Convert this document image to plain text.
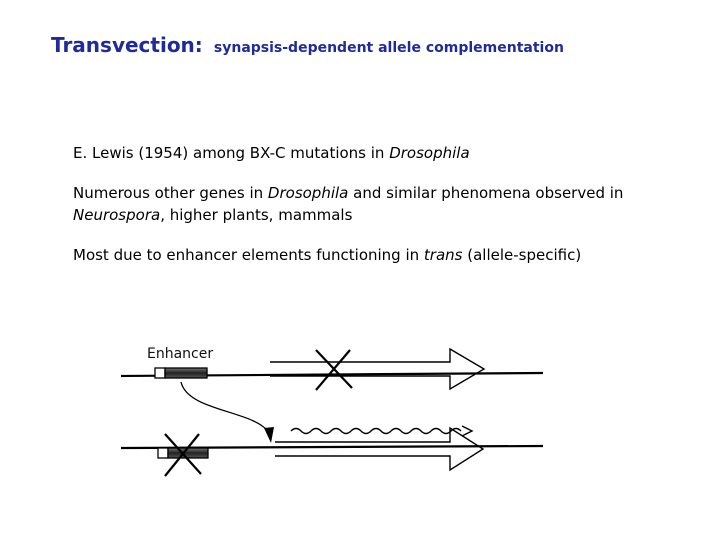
Transvection: synapsis-dependent allele complementation

E. Lewis (1954) among BX-C mutations in Drosophila

Numerous other genes in Drosophila and similar phenomena observed in Neurospora, higher plants, mammals

Most due to enhancer elements functioning in trans (allele-specific)

Enhancer
